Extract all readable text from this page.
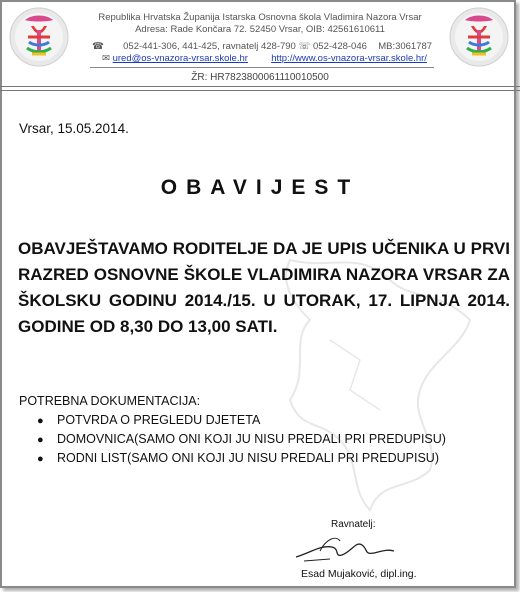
Republika Hrvatska Županija Istarska Osnovna škola Vladimira Nazora Vrsar
Adresa: Rade Končara 72. 52450 Vrsar, OIB: 42561610611
☎ 052-441-306, 441-425, ravnatelj 428-790 ☏ 052-428-046 MB:3061787
✉ ured@os-vnazora-vrsar.skole.hr http://www.os-vnazora-vrsar.skole.hr/
ŽR: HR7823800061110010500
Vrsar, 15.05.2014.
OBAVIJEST
OBAVJEŠTAVAMO RODITELJE DA JE UPIS UČENIKA U PRVI RAZRED OSNOVNE ŠKOLE VLADIMIRA NAZORA VRSAR ZA ŠKOLSKU GODINU 2014./15. U UTORAK, 17. LIPNJA 2014. GODINE OD 8,30 DO 13,00 SATI.
POTREBNA DOKUMENTACIJA:
● POTVRDA O PREGLEDU DJETETA
● DOMOVNICA(SAMO ONI KOJI JU NISU PREDALI PRI PREDUPISU)
● RODNI LIST(SAMO ONI KOJI JU NISU PREDALI PRI PREDUPISU)
Ravnatelj:
Esad Mujaković, dipl.ing.
